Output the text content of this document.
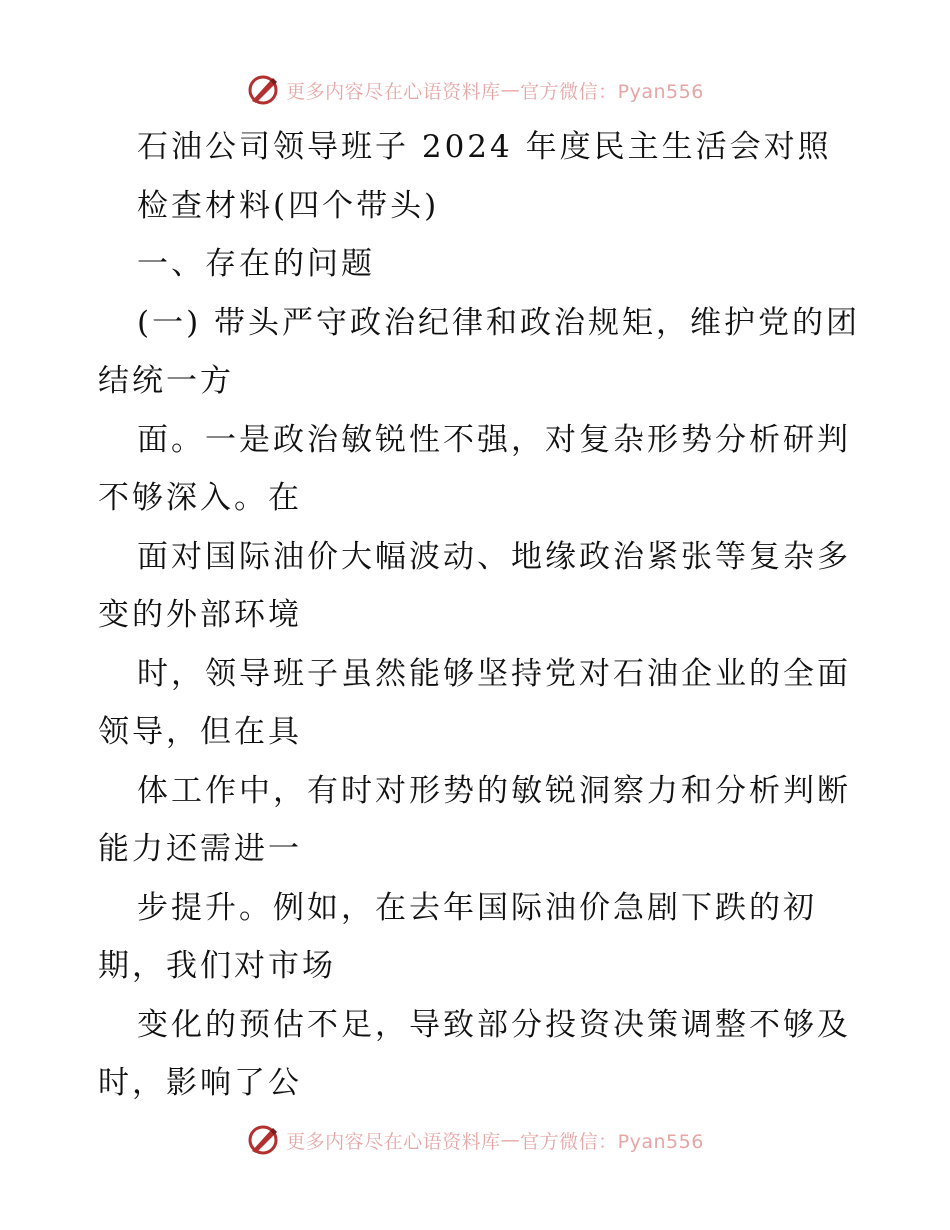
更多内容尽在心语资料库 — 官方微信：Pyan556
石油公司领导班子 2024 年度民主生活会对照
检查材料(四个带头)
一、存在的问题
(一) 带头严守政治纪律和政治规矩，维护党的团
结统一方
面。一是政治敏锐性不强，对复杂形势分析研判
不够深入。在
面对国际油价大幅波动、地缘政治紧张等复杂多
变的外部环境
时，领导班子虽然能够坚持党对石油企业的全面
领导，但在具
体工作中，有时对形势的敏锐洞察力和分析判断
能力还需进一
步提升。例如，在去年国际油价急剧下跌的初
期，我们对市场
变化的预估不足，导致部分投资决策调整不够及
时，影响了公
更多内容尽在心语资料库 — 官方微信：Pyan556
